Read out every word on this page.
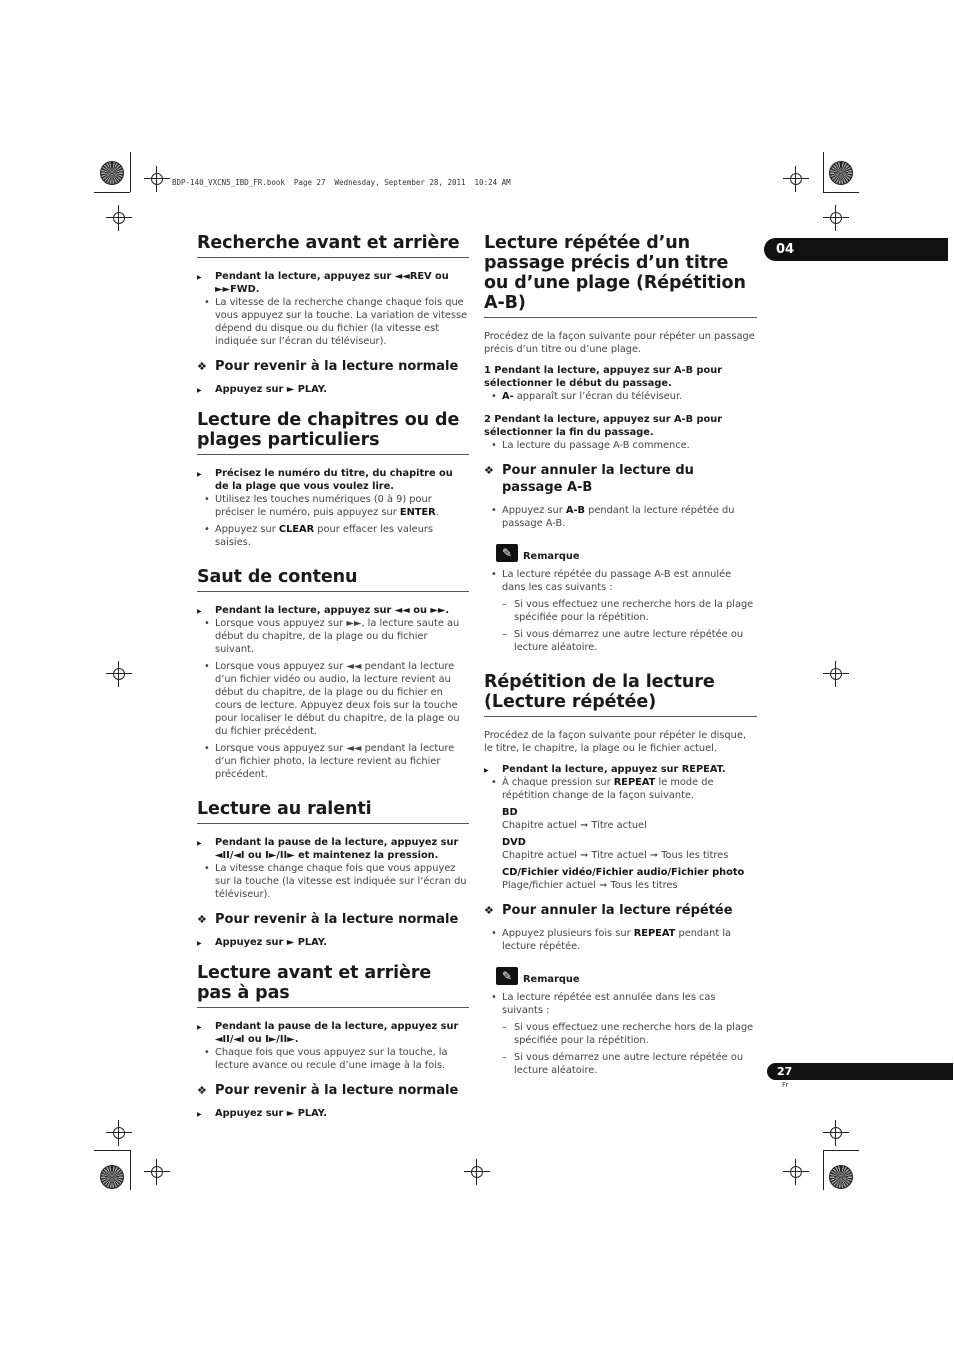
BDP-140_VXCN5_IBD_FR.book  Page 27  Wednesday, September 28, 2011  10:24 AM
04
27
Fr
Recherche avant et arrière
▶ Pendant la lecture, appuyez sur ◄◄REV ou ►►FWD.
• La vitesse de la recherche change chaque fois que vous appuyez sur la touche. La variation de vitesse dépend du disque ou du fichier (la vitesse est indiquée sur l’écran du téléviseur).
❖ Pour revenir à la lecture normale
▶ Appuyez sur ► PLAY.
Lecture de chapitres ou de plages particuliers
▶ Précisez le numéro du titre, du chapitre ou de la plage que vous voulez lire.
• Utilisez les touches numériques (0 à 9) pour préciser le numéro, puis appuyez sur ENTER.
• Appuyez sur CLEAR pour effacer les valeurs saisies.
Saut de contenu
▶ Pendant la lecture, appuyez sur ◄◄ ou ►►.
• Lorsque vous appuyez sur ►►, la lecture saute au début du chapitre, de la plage ou du fichier suivant.
• Lorsque vous appuyez sur ◄◄ pendant la lecture d’un fichier vidéo ou audio, la lecture revient au début du chapitre, de la plage ou du fichier en cours de lecture. Appuyez deux fois sur la touche pour localiser le début du chapitre, de la plage ou du fichier précédent.
• Lorsque vous appuyez sur ◄◄ pendant la lecture d’un fichier photo, la lecture revient au fichier précédent.
Lecture au ralenti
▶ Pendant la pause de la lecture, appuyez sur ◄II/◄I ou I►/II► et maintenez la pression.
• La vitesse change chaque fois que vous appuyez sur la touche (la vitesse est indiquée sur l’écran du téléviseur).
❖ Pour revenir à la lecture normale
▶ Appuyez sur ► PLAY.
Lecture avant et arrière pas à pas
▶ Pendant la pause de la lecture, appuyez sur ◄II/◄I ou I►/II►.
• Chaque fois que vous appuyez sur la touche, la lecture avance ou recule d’une image à la fois.
❖ Pour revenir à la lecture normale
▶ Appuyez sur ► PLAY.
Lecture répétée d’un passage précis d’un titre ou d’une plage (Répétition A-B)
Procédez de la façon suivante pour répéter un passage précis d’un titre ou d’une plage.
1 Pendant la lecture, appuyez sur A-B pour sélectionner le début du passage.
• A- apparaît sur l’écran du téléviseur.
2 Pendant la lecture, appuyez sur A-B pour sélectionner la fin du passage.
• La lecture du passage A-B commence.
❖ Pour annuler la lecture du passage A-B
• Appuyez sur A-B pendant la lecture répétée du passage A-B.
✎	Remarque
• La lecture répétée du passage A-B est annulée dans les cas suivants :
– Si vous effectuez une recherche hors de la plage spécifiée pour la répétition.
– Si vous démarrez une autre lecture répétée ou lecture aléatoire.
Répétition de la lecture (Lecture répétée)
Procédez de la façon suivante pour répéter le disque, le titre, le chapitre, la plage ou le fichier actuel.
▶ Pendant la lecture, appuyez sur REPEAT.
• À chaque pression sur REPEAT le mode de répétition change de la façon suivante.
BD
Chapitre actuel ➞ Titre actuel
DVD
Chapitre actuel ➞ Titre actuel ➞ Tous les titres
CD/Fichier vidéo/Fichier audio/Fichier photo
Plage/fichier actuel ➞ Tous les titres
❖ Pour annuler la lecture répétée
• Appuyez plusieurs fois sur REPEAT pendant la lecture répétée.
✎	Remarque
• La lecture répétée est annulée dans les cas suivants :
– Si vous effectuez une recherche hors de la plage spécifiée pour la répétition.
– Si vous démarrez une autre lecture répétée ou lecture aléatoire.
